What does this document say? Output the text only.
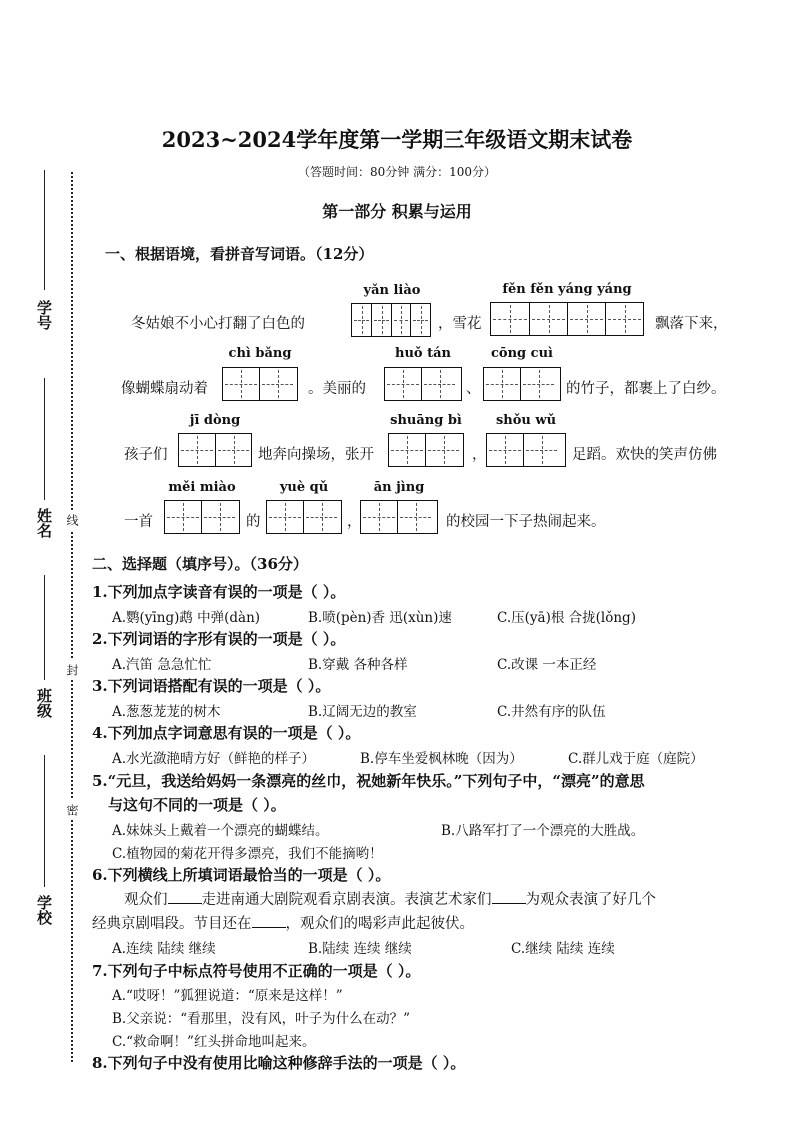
学号
姓名
班级
学校
线
封
密
2023~2024学年度第一学期三年级语文期末试卷
（答题时间：80分钟 满分：100分）
第一部分 积累与运用
一、根据语境，看拼音写词语。（12分）
yǎn liào	fěn fěn yáng yáng
冬姑娘不小心打翻了白色的	，雪花	飘落下来，
chì bǎng	huǒ tán	cōng cuì
像蝴蝶扇动着	。美丽的	、	的竹子，都裹上了白纱。
jī dòng	shuāng bì	shǒu wǔ
孩子们	地奔向操场，张开	，	足蹈。欢快的笑声仿佛
měi miào	yuè qǔ	ān jìng
一首	的	，	的校园一下子热闹起来。
二、选择题（填序号）。（36分）
1.下列加点字读音有误的一项是（ ）。
A.鹦(yīng)鹉 中弹(dàn)	B.喷(pèn)香 迅(xùn)速	C.压(yā)根 合拢(lǒng)
2.下列词语的字形有误的一项是（ ）。
A.汽笛 急急忙忙	B.穿戴 各种各样	C.改课 一本正经
3.下列词语搭配有误的一项是（ ）。
A.葱葱茏茏的树木	B.辽阔无边的教室	C.井然有序的队伍
4.下列加点字词意思有误的一项是（ ）。
A.水光潋滟晴方好（鲜艳的样子）	B.停车坐爱枫林晚（因为）	C.群儿戏于庭（庭院）
5.“元旦，我送给妈妈一条漂亮的丝巾，祝她新年快乐。”下列句子中，“漂亮”的意思
与这句不同的一项是（ ）。
A.妹妹头上戴着一个漂亮的蝴蝶结。	B.八路军打了一个漂亮的大胜战。
C.植物园的菊花开得多漂亮，我们不能摘哟！
6.下列横线上所填词语最恰当的一项是（ ）。
观众们 走进南通大剧院观看京剧表演。表演艺术家们 为观众表演了好几个
经典京剧唱段。节目还在 ，观众们的喝彩声此起彼伏。
A.连续 陆续 继续	B.陆续 连续 继续	C.继续 陆续 连续
7.下列句子中标点符号使用不正确的一项是（ ）。
A.“哎呀！”狐狸说道：“原来是这样！”
B.父亲说：“看那里，没有风，叶子为什么在动？”
C.“救命啊！”红头拼命地叫起来。
8.下列句子中没有使用比喻这种修辞手法的一项是（ ）。
